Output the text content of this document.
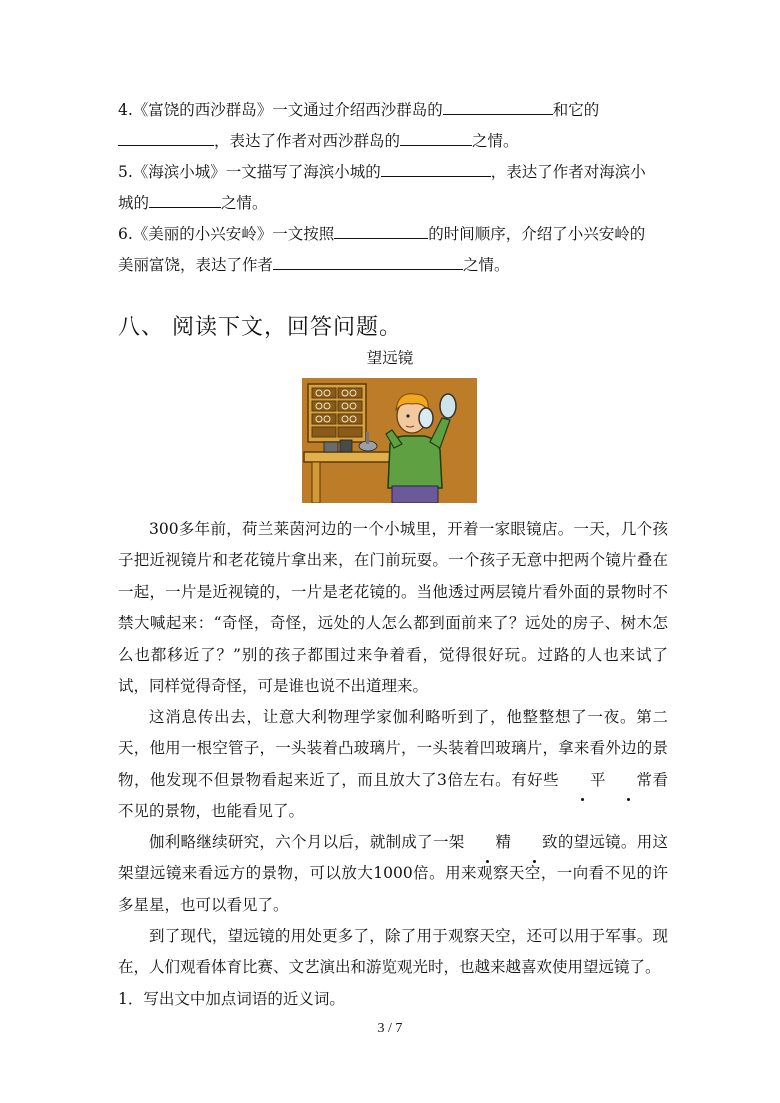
4.《富饶的西沙群岛》一文通过介绍西沙群岛的	和它的
，表达了作者对西沙群岛的	之情。
5.《海滨小城》一文描写了海滨小城的	，表达了作者对海滨小
城的	之情。
6.《美丽的小兴安岭》一文按照	的时间顺序，介绍了小兴安岭的
美丽富饶，表达了作者	之情。
八、 阅读下文，回答问题。
望远镜
300多年前，荷兰莱茵河边的一个小城里，开着一家眼镜店。一天，几个孩子把近视镜片和老花镜片拿出来，在门前玩耍。一个孩子无意中把两个镜片叠在一起，一片是近视镜的，一片是老花镜的。当他透过两层镜片看外面的景物时不禁大喊起来：“奇怪，奇怪，远处的人怎么都到面前来了？远处的房子、树木怎么也都移近了？”别的孩子都围过来争着看，觉得很好玩。过路的人也来试了试，同样觉得奇怪，可是谁也说不出道理来。
这消息传出去，让意大利物理学家伽利略听到了，他整整想了一夜。第二天，他用一根空管子，一头装着凸玻璃片，一头装着凹玻璃片，拿来看外边的景物，他发现不但景物看起来近了，而且放大了3倍左右。有好些 平 常看不见的景物，也能看见了。
伽利略继续研究，六个月以后，就制成了一架 精 致的望远镜。用这架望远镜来看远方的景物，可以放大1000倍。用来观察天空，一向看不见的许多星星，也可以看见了。
到了现代，望远镜的用处更多了，除了用于观察天空，还可以用于军事。现在，人们观看体育比赛、文艺演出和游览观光时，也越来越喜欢使用望远镜了。
1．写出文中加点词语的近义词。
3 / 7
